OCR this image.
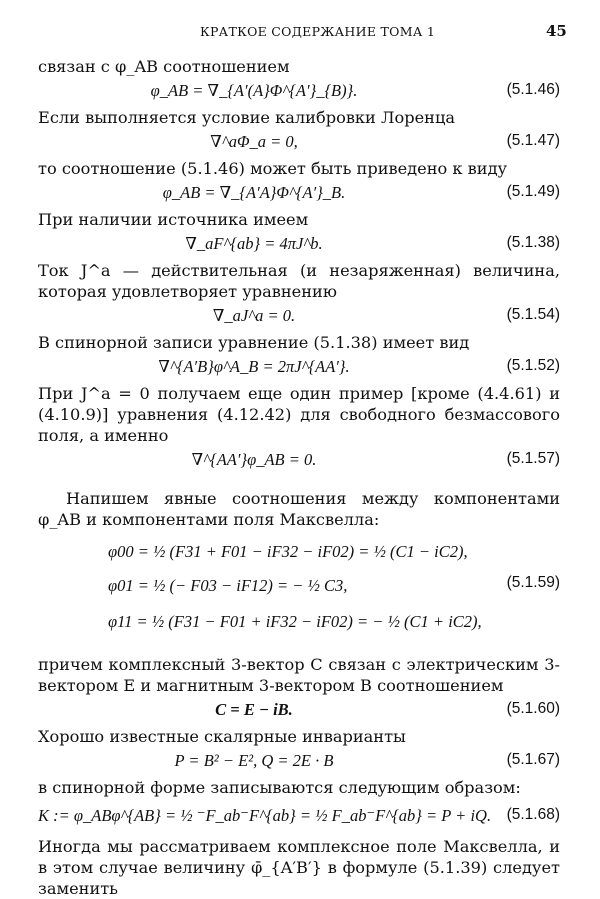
КРАТКОЕ СОДЕРЖАНИЕ ТОМА 1	45

связан с φ_AB соотношением

φ_AB = ∇_{A′(A}Φ^{A′}_{B)}.	(5.1.46)

Если выполняется условие калибровки Лоренца

∇^aΦ_a = 0,	(5.1.47)

то соотношение (5.1.46) может быть приведено к виду

φ_AB = ∇_{A′A}Φ^{A′}_B.	(5.1.49)

При наличии источника имеем

∇_aF^{ab} = 4πJ^b.	(5.1.38)

Ток J^a — действительная (и незаряженная) величина, которая удовлетворяет уравнению

∇_aJ^a = 0.	(5.1.54)

В спинорной записи уравнение (5.1.38) имеет вид

∇^{A′B}φ^A_B = 2πJ^{AA′}.	(5.1.52)

При J^a = 0 получаем еще один пример [кроме (4.4.61) и (4.10.9)] уравнения (4.12.42) для свободного безмассового поля, а именно

∇^{AA′}φ_AB = 0.	(5.1.57)

Напишем явные соотношения между компонентами φ_AB и компонентами поля Максвелла:

φ00 = ½ (F31 + F01 − iF32 − iF02) = ½ (C1 − iC2),
φ01 = ½ (− F03 − iF12) = − ½ C3,
φ11 = ½ (F31 − F01 + iF32 − iF02) = − ½ (C1 + iC2),
(5.1.59)

причем комплексный 3-вектор C связан с электрическим 3-вектором E и магнитным 3-вектором B соотношением

C = E − iB.	(5.1.60)

Хорошо известные скалярные инварианты

P = B² − E², Q = 2E · B	(5.1.67)

в спинорной форме записываются следующим образом:

K := φ_ABφ^{AB} = ½ ⁻F_ab⁻F^{ab} = ½ F_ab⁻F^{ab} = P + iQ. (5.1.68)

Иногда мы рассматриваем комплексное поле Максвелла, и в этом случае величину φ̄_{A′B′} в формуле (5.1.39) следует заменить
